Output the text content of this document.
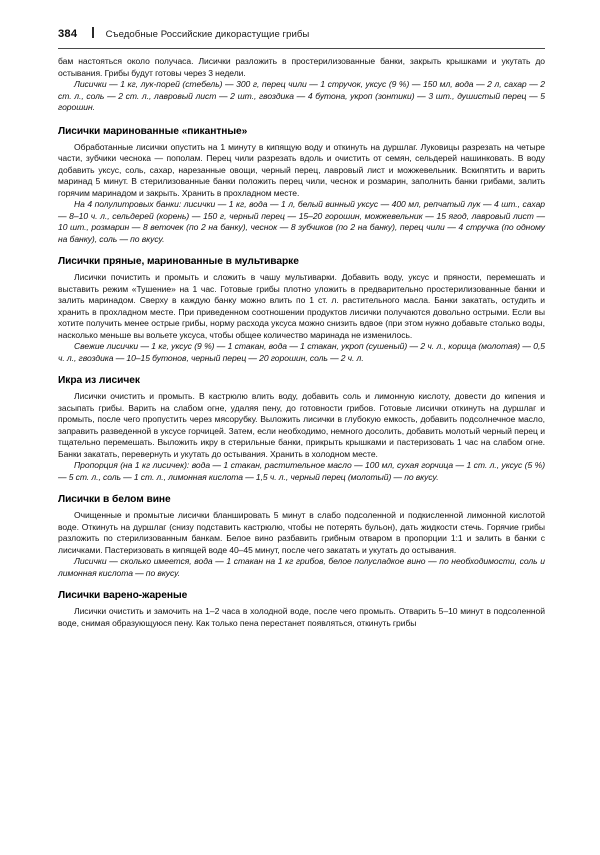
384	Съедобные Российские дикорастущие грибы

бам настояться около получаса. Лисички разложить в простерилизованные банки, закрыть крышками и укутать до остывания. Грибы будут готовы через 3 недели.

Лисички — 1 кг, лук-порей (стебель) — 300 г, перец чили — 1 стручок, уксус (9 %) — 150 мл, вода — 2 л, сахар — 2 ст. л., соль — 2 ст. л., лавровый лист — 2 шт., гвоздика — 4 бутона, укроп (зонтики) — 3 шт., душистый перец — 5 горошин.

Лисички маринованные «пикантные»

Обработанные лисички опустить на 1 минуту в кипящую воду и откинуть на дуршлаг. Луковицы разрезать на четыре части, зубчики чеснока — пополам. Перец чили разрезать вдоль и очистить от семян, сельдерей нашинковать. В воду добавить уксус, соль, сахар, нарезанные овощи, черный перец, лавровый лист и можжевельник. Вскипятить и варить маринад 5 минут. В стерилизованные банки положить перец чили, чеснок и розмарин, заполнить банки грибами, залить горячим маринадом и закрыть. Хранить в прохладном месте.

На 4 полулитровых банки: лисички — 1 кг, вода — 1 л, белый винный уксус — 400 мл, репчатый лук — 4 шт., сахар — 8–10 ч. л., сельдерей (корень) — 150 г, черный перец — 15–20 горошин, можжевельник — 15 ягод, лавровый лист — 10 шт., розмарин — 8 веточек (по 2 на банку), чеснок — 8 зубчиков (по 2 на банку), перец чили — 4 стручка (по одному на банку), соль — по вкусу.

Лисички пряные, маринованные в мультиварке

Лисички почистить и промыть и сложить в чашу мультиварки. Добавить воду, уксус и пряности, перемешать и выставить режим «Тушение» на 1 час. Готовые грибы плотно уложить в предварительно простерилизованные банки и залить маринадом. Сверху в каждую банку можно влить по 1 ст. л. растительного масла. Банки закатать, остудить и хранить в прохладном месте. При приведенном соотношении продуктов лисички получаются довольно острыми. Если вы хотите получить менее острые грибы, норму расхода уксуса можно снизить вдвое (при этом нужно добавьте столько воды, насколько меньше вы вольете уксуса, чтобы общее количество маринада не изменилось.

Свежие лисички — 1 кг, уксус (9 %) — 1 стакан, вода — 1 стакан, укроп (сушеный) — 2 ч. л., корица (молотая) — 0,5 ч. л., гвоздика — 10–15 бутонов, черный перец — 20 горошин, соль — 2 ч. л.

Икра из лисичек

Лисички очистить и промыть. В кастрюлю влить воду, добавить соль и лимонную кислоту, довести до кипения и засыпать грибы. Варить на слабом огне, удаляя пену, до готовности грибов. Готовые лисички откинуть на дуршлаг и промыть, после чего пропустить через мясорубку. Выложить лисички в глубокую емкость, добавить подсолнечное масло, заправить разведенной в уксусе горчицей. Затем, если необходимо, немного досолить, добавить молотый черный перец и тщательно перемешать. Выложить икру в стерильные банки, прикрыть крышками и пастеризовать 1 час на слабом огне. Банки закатать, перевернуть и укутать до остывания. Хранить в холодном месте.

Пропорция (на 1 кг лисичек): вода — 1 стакан, растительное масло — 100 мл, сухая горчица — 1 ст. л., уксус (5 %) — 5 ст. л., соль — 1 ст. л., лимонная кислота — 1,5 ч. л., черный перец (молотый) — по вкусу.

Лисички в белом вине

Очищенные и промытые лисички бланшировать 5 минут в слабо подсоленной и подкисленной лимонной кислотой воде. Откинуть на дуршлаг (снизу подставить кастрюлю, чтобы не потерять бульон), дать жидкости стечь. Горячие грибы разложить по стерилизованным банкам. Белое вино разбавить грибным отваром в пропорции 1:1 и залить в банки с лисичками. Пастеризовать в кипящей воде 40–45 минут, после чего закатать и укутать до остывания.

Лисички — сколько имеется, вода — 1 стакан на 1 кг грибов, белое полусладкое вино — по необходимости, соль и лимонная кислота — по вкусу.

Лисички варено-жареные

Лисички очистить и замочить на 1–2 часа в холодной воде, после чего промыть. Отварить 5–10 минут в подсоленной воде, снимая образующуюся пену. Как только пена перестанет появляться, откинуть грибы
